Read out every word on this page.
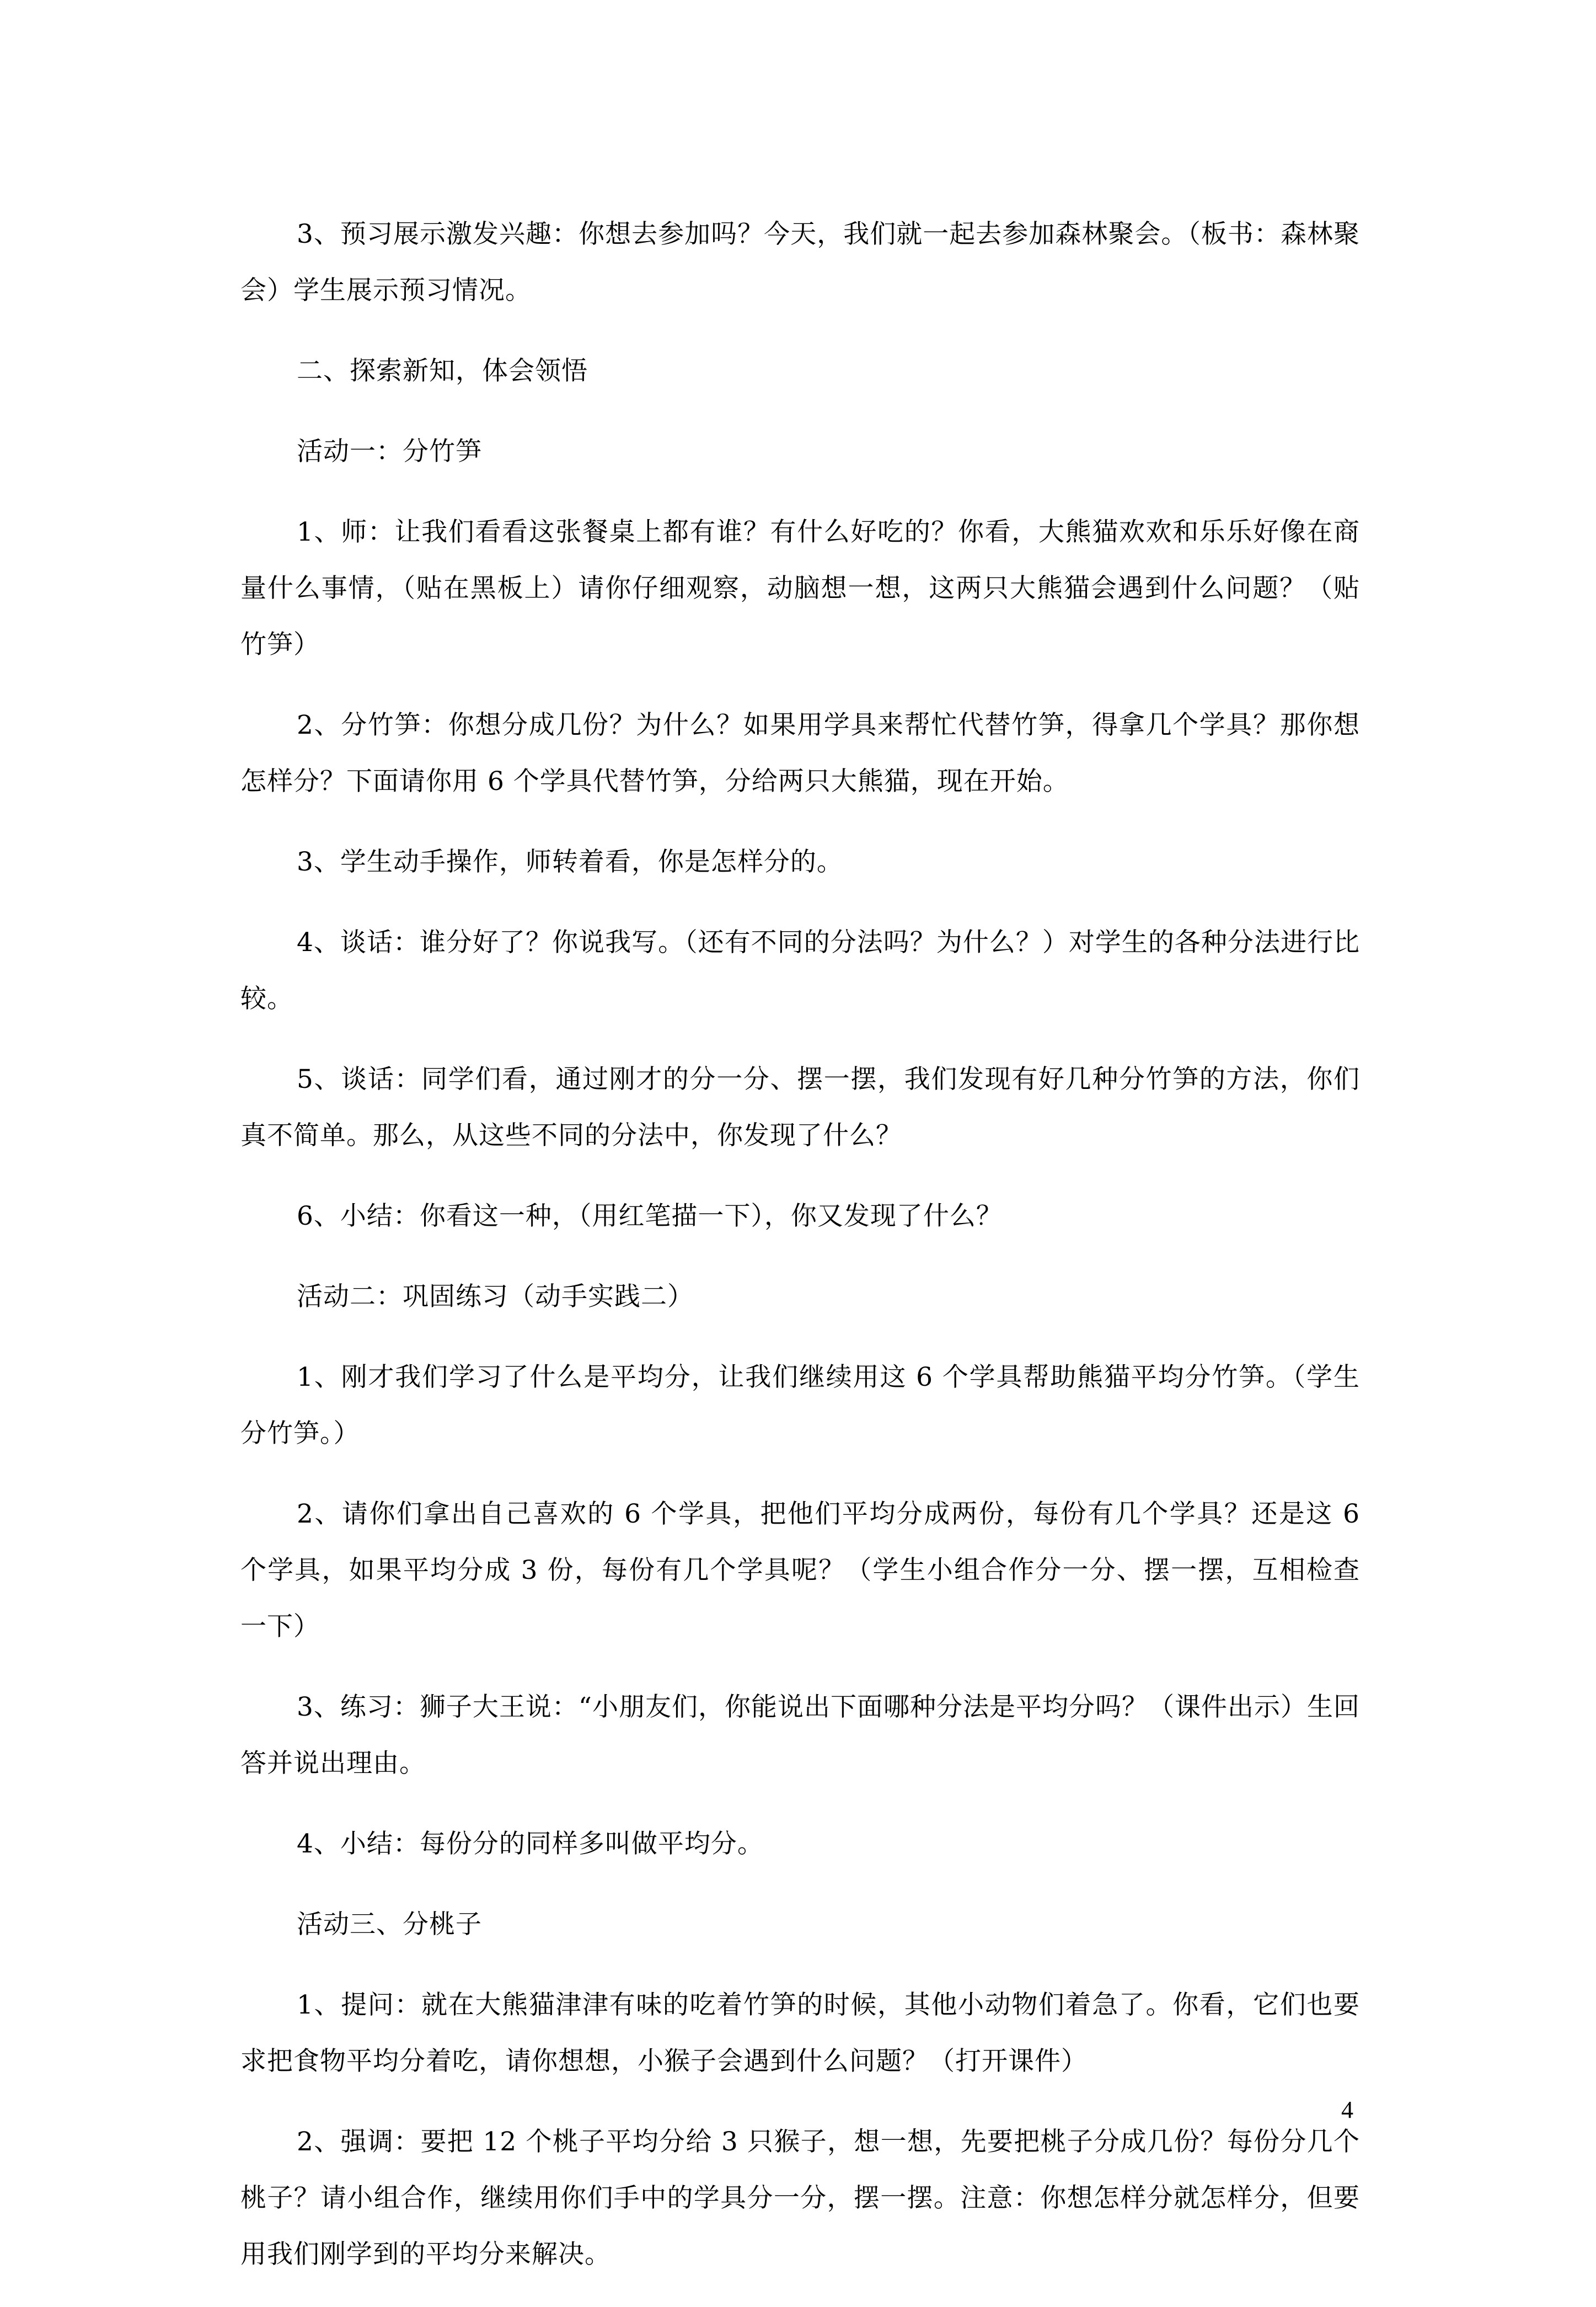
3、预习展示激发兴趣：你想去参加吗？今天，我们就一起去参加森林聚会。（板书：森林聚会）学生展示预习情况。

二、探索新知，体会领悟

活动一：分竹笋

1、师：让我们看看这张餐桌上都有谁？有什么好吃的？你看，大熊猫欢欢和乐乐好像在商量什么事情，（贴在黑板上）请你仔细观察，动脑想一想，这两只大熊猫会遇到什么问题？（贴竹笋）

2、分竹笋：你想分成几份？为什么？如果用学具来帮忙代替竹笋，得拿几个学具？那你想怎样分？下面请你用 6 个学具代替竹笋，分给两只大熊猫，现在开始。

3、学生动手操作，师转着看，你是怎样分的。

4、谈话：谁分好了？你说我写。（还有不同的分法吗？为什么？）对学生的各种分法进行比较。

5、谈话：同学们看，通过刚才的分一分、摆一摆，我们发现有好几种分竹笋的方法，你们真不简单。那么，从这些不同的分法中，你发现了什么？

6、小结：你看这一种，（用红笔描一下），你又发现了什么？

活动二：巩固练习（动手实践二）

1、刚才我们学习了什么是平均分，让我们继续用这 6 个学具帮助熊猫平均分竹笋。（学生分竹笋。）

2、请你们拿出自己喜欢的 6 个学具，把他们平均分成两份，每份有几个学具？还是这 6 个学具，如果平均分成 3 份，每份有几个学具呢？（学生小组合作分一分、摆一摆，互相检查一下）

3、练习：狮子大王说：“小朋友们，你能说出下面哪种分法是平均分吗？（课件出示）生回答并说出理由。

4、小结：每份分的同样多叫做平均分。

活动三、分桃子

1、提问：就在大熊猫津津有味的吃着竹笋的时候，其他小动物们着急了。你看，它们也要求把食物平均分着吃，请你想想，小猴子会遇到什么问题？（打开课件）

2、强调：要把 12 个桃子平均分给 3 只猴子，想一想，先要把桃子分成几份？每份分几个桃子？请小组合作，继续用你们手中的学具分一分，摆一摆。注意：你想怎样分就怎样分，但要用我们刚学到的平均分来解决。

4
